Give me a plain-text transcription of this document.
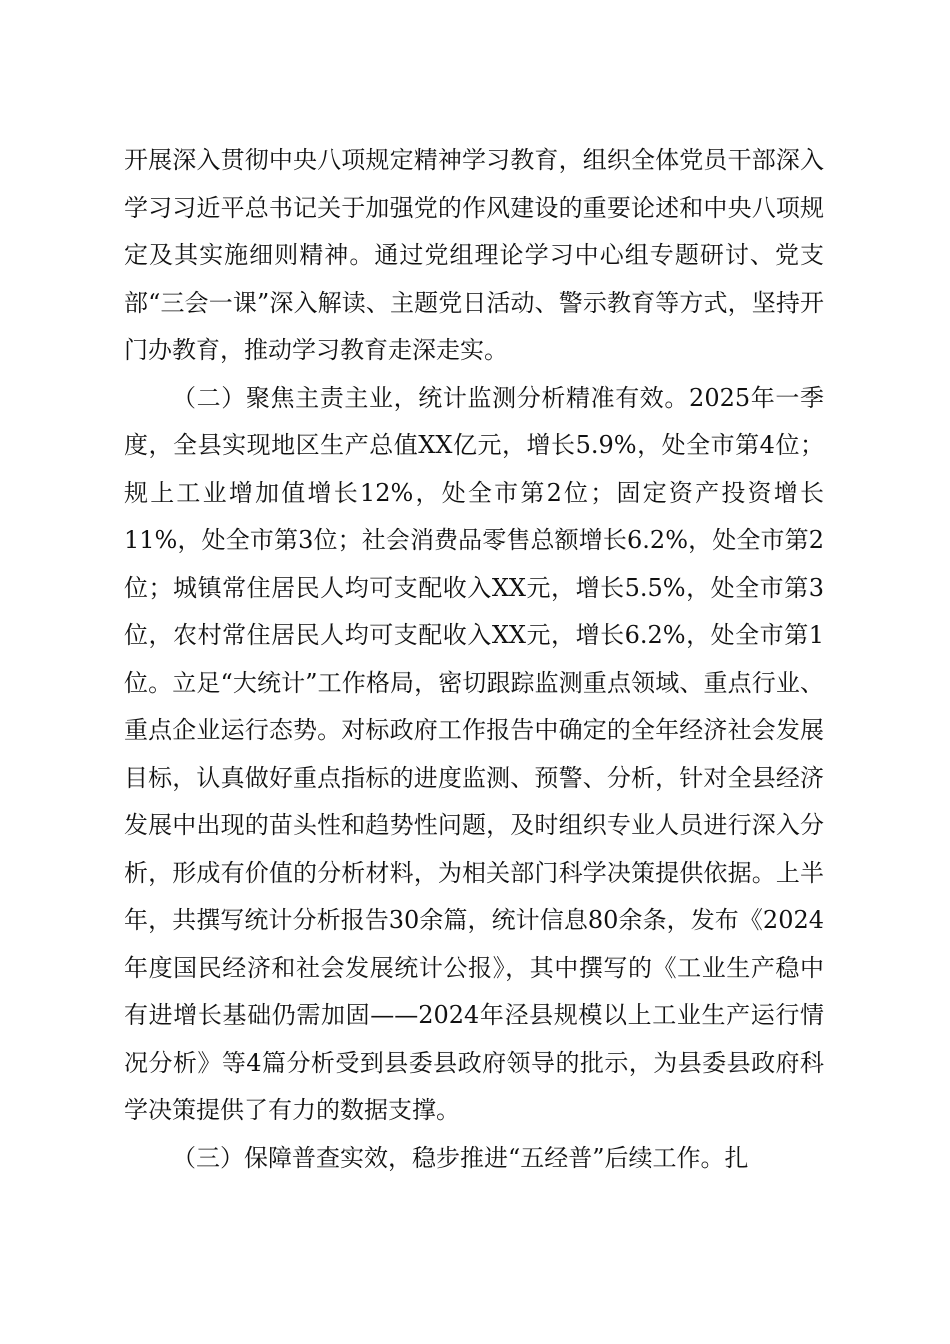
开展深入贯彻中央八项规定精神学习教育，组织全体党员干部深入学习习近平总书记关于加强党的作风建设的重要论述和中央八项规定及其实施细则精神。通过党组理论学习中心组专题研讨、党支部“三会一课”深入解读、主题党日活动、警示教育等方式，坚持开门办教育，推动学习教育走深走实。

（二）聚焦主责主业，统计监测分析精准有效。2025年一季度，全县实现地区生产总值XX亿元，增长5.9%，处全市第4位；规上工业增加值增长12%，处全市第2位；固定资产投资增长11%，处全市第3位；社会消费品零售总额增长6.2%，处全市第2位；城镇常住居民人均可支配收入XX元，增长5.5%，处全市第3位，农村常住居民人均可支配收入XX元，增长6.2%，处全市第1位。立足“大统计”工作格局，密切跟踪监测重点领域、重点行业、重点企业运行态势。对标政府工作报告中确定的全年经济社会发展目标，认真做好重点指标的进度监测、预警、分析，针对全县经济发展中出现的苗头性和趋势性问题，及时组织专业人员进行深入分析，形成有价值的分析材料，为相关部门科学决策提供依据。上半年，共撰写统计分析报告30余篇，统计信息80余条，发布《2024年度国民经济和社会发展统计公报》，其中撰写的《工业生产稳中有进增长基础仍需加固——2024年泾县规模以上工业生产运行情况分析》等4篇分析受到县委县政府领导的批示，为县委县政府科学决策提供了有力的数据支撑。

（三）保障普查实效，稳步推进“五经普”后续工作。扎
